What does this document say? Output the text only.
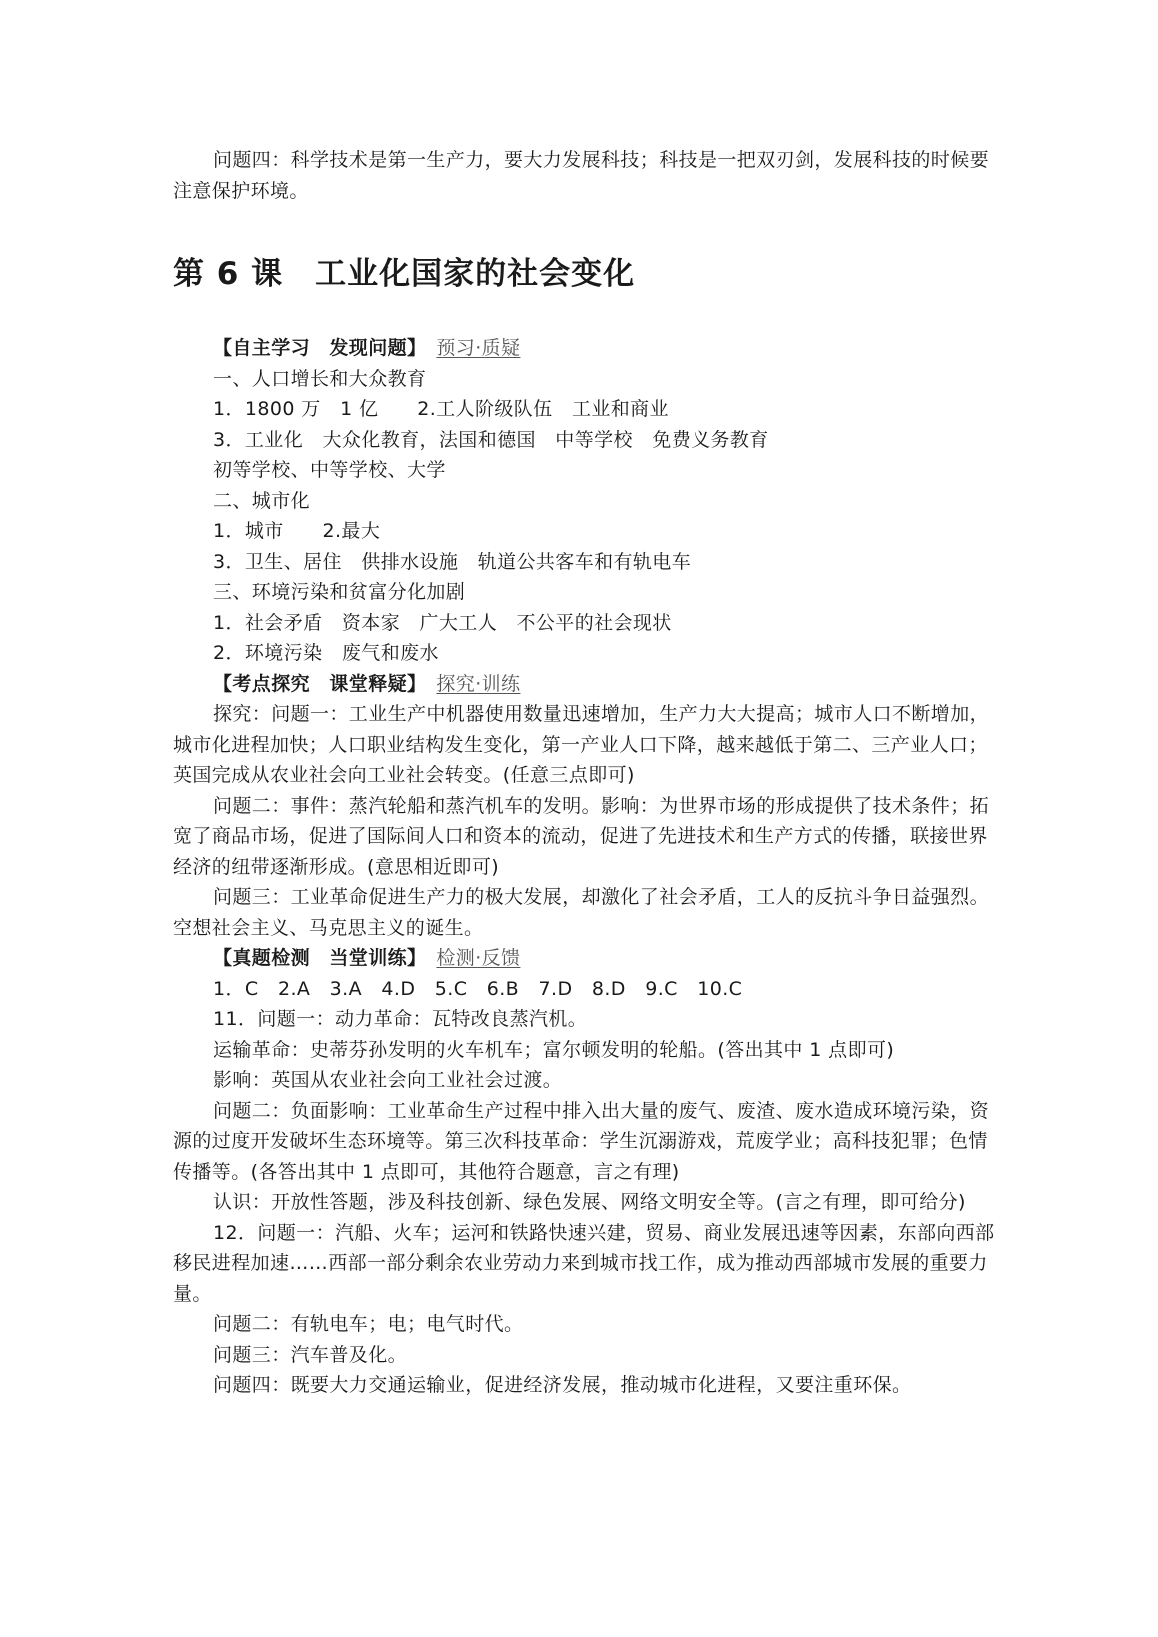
问题四：科学技术是第一生产力，要大力发展科技；科技是一把双刃剑，发展科技的时候要注意保护环境。

第 6 课　工业化国家的社会变化

【自主学习　发现问题】 预习·质疑

一、人口增长和大众教育

1．1800 万　1 亿　　2.工人阶级队伍　工业和商业

3．工业化　大众化教育，法国和德国　中等学校　免费义务教育

初等学校、中等学校、大学

二、城市化

1．城市　　2.最大

3．卫生、居住　供排水设施　轨道公共客车和有轨电车

三、环境污染和贫富分化加剧

1．社会矛盾　资本家　广大工人　不公平的社会现状

2．环境污染　废气和废水

【考点探究　课堂释疑】 探究·训练

探究：问题一：工业生产中机器使用数量迅速增加，生产力大大提高；城市人口不断增加，城市化进程加快；人口职业结构发生变化，第一产业人口下降，越来越低于第二、三产业人口；英国完成从农业社会向工业社会转变。(任意三点即可)

问题二：事件：蒸汽轮船和蒸汽机车的发明。影响：为世界市场的形成提供了技术条件；拓宽了商品市场，促进了国际间人口和资本的流动，促进了先进技术和生产方式的传播，联接世界经济的纽带逐渐形成。(意思相近即可)

问题三：工业革命促进生产力的极大发展，却激化了社会矛盾，工人的反抗斗争日益强烈。空想社会主义、马克思主义的诞生。

【真题检测　当堂训练】 检测·反馈

1．C　2.A　3.A　4.D　5.C　6.B　7.D　8.D　9.C　10.C

11．问题一：动力革命：瓦特改良蒸汽机。

运输革命：史蒂芬孙发明的火车机车；富尔顿发明的轮船。(答出其中 1 点即可)

影响：英国从农业社会向工业社会过渡。

问题二：负面影响：工业革命生产过程中排入出大量的废气、废渣、废水造成环境污染，资源的过度开发破坏生态环境等。第三次科技革命：学生沉溺游戏，荒废学业；高科技犯罪；色情传播等。(各答出其中 1 点即可，其他符合题意，言之有理)

认识：开放性答题，涉及科技创新、绿色发展、网络文明安全等。(言之有理，即可给分)

12．问题一：汽船、火车；运河和铁路快速兴建，贸易、商业发展迅速等因素，东部向西部移民进程加速……西部一部分剩余农业劳动力来到城市找工作，成为推动西部城市发展的重要力量。

问题二：有轨电车；电；电气时代。

问题三：汽车普及化。

问题四：既要大力交通运输业，促进经济发展，推动城市化进程，又要注重环保。
